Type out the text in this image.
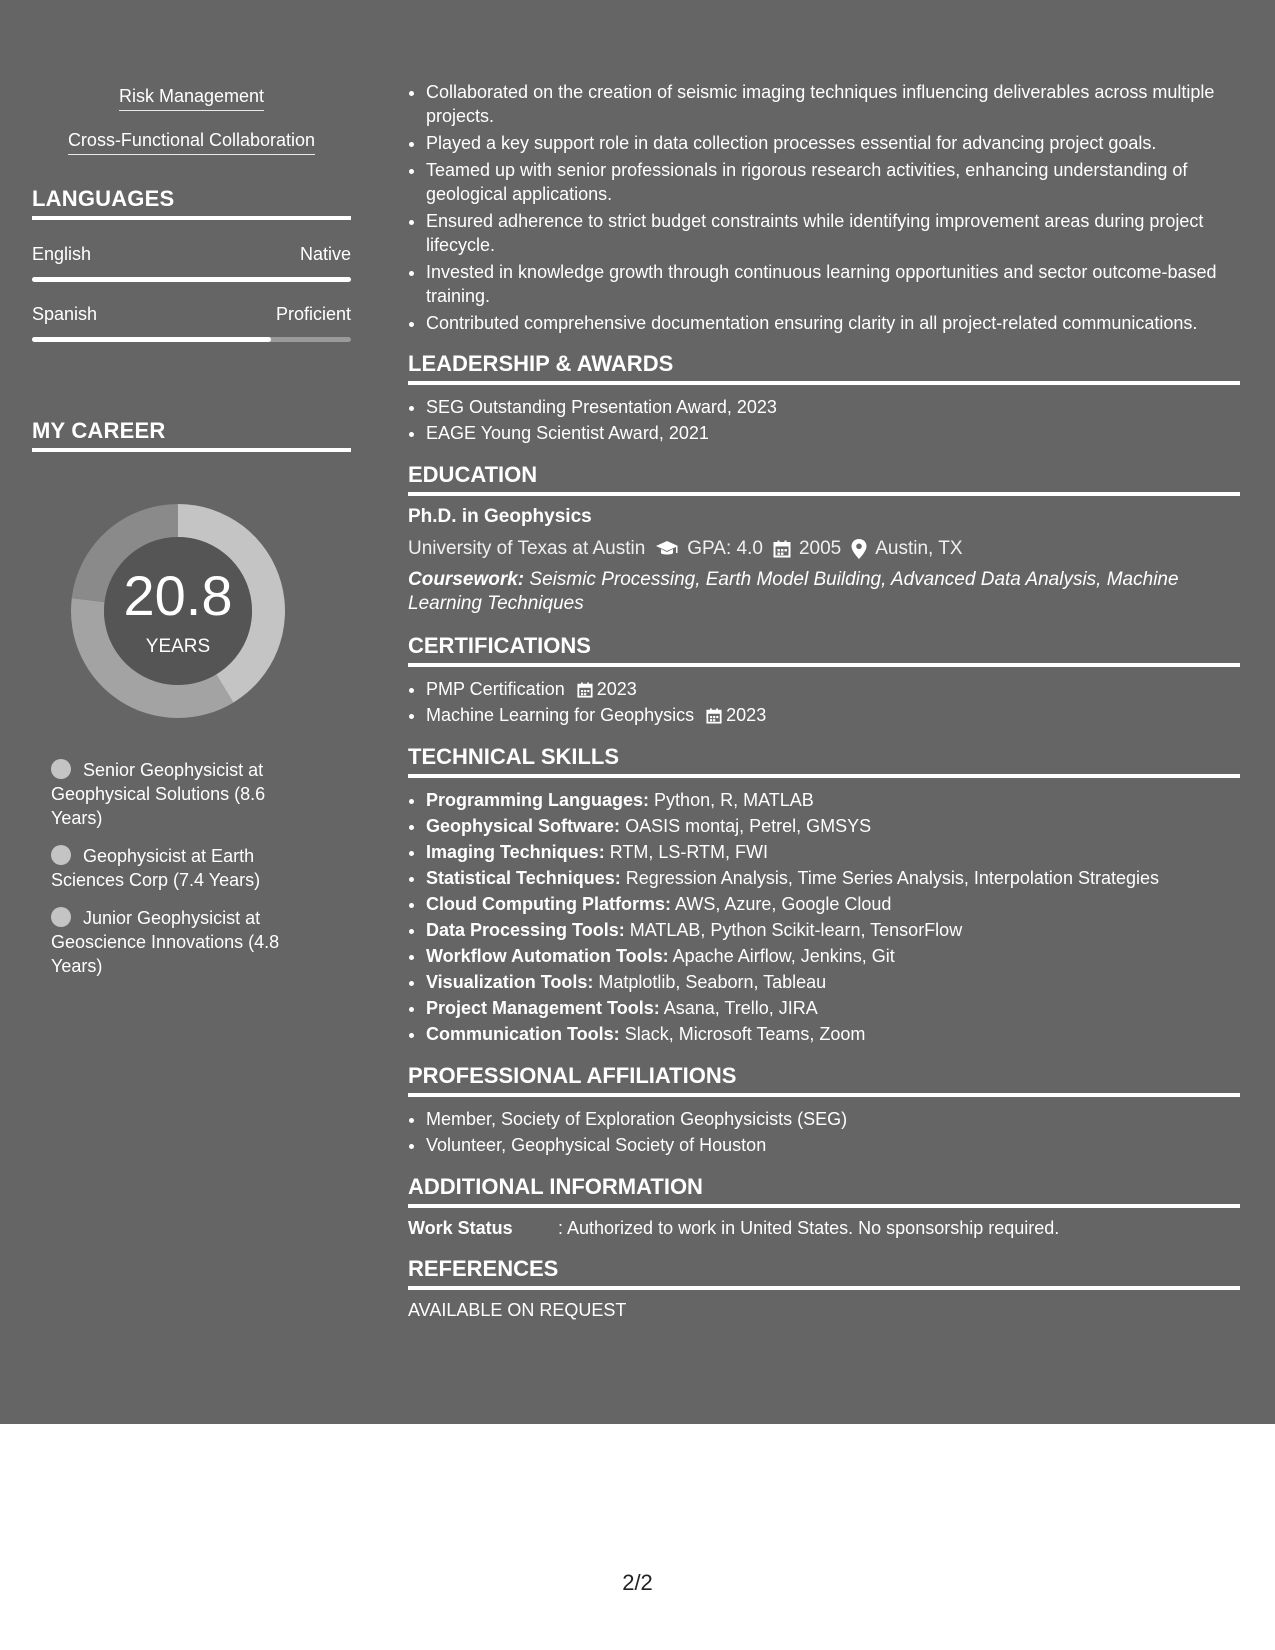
Risk Management
Cross-Functional Collaboration
LANGUAGES
English	Native
Spanish	Proficient
MY CAREER
20.8
YEARS
Senior Geophysicist at Geophysical Solutions (8.6 Years)
Geophysicist at Earth Sciences Corp (7.4 Years)
Junior Geophysicist at Geoscience Innovations (4.8 Years)
• Collaborated on the creation of seismic imaging techniques influencing deliverables across multiple projects.
• Played a key support role in data collection processes essential for advancing project goals.
• Teamed up with senior professionals in rigorous research activities, enhancing understanding of geological applications.
• Ensured adherence to strict budget constraints while identifying improvement areas during project lifecycle.
• Invested in knowledge growth through continuous learning opportunities and sector outcome-based training.
• Contributed comprehensive documentation ensuring clarity in all project-related communications.
LEADERSHIP & AWARDS
• SEG Outstanding Presentation Award, 2023
• EAGE Young Scientist Award, 2021
EDUCATION
Ph.D. in Geophysics
University of Texas at Austin GPA: 4.0 2005 Austin, TX
Coursework: Seismic Processing, Earth Model Building, Advanced Data Analysis, Machine Learning Techniques
CERTIFICATIONS
• PMP Certification 2023
• Machine Learning for Geophysics 2023
TECHNICAL SKILLS
• Programming Languages: Python, R, MATLAB
• Geophysical Software: OASIS montaj, Petrel, GMSYS
• Imaging Techniques: RTM, LS-RTM, FWI
• Statistical Techniques: Regression Analysis, Time Series Analysis, Interpolation Strategies
• Cloud Computing Platforms: AWS, Azure, Google Cloud
• Data Processing Tools: MATLAB, Python Scikit-learn, TensorFlow
• Workflow Automation Tools: Apache Airflow, Jenkins, Git
• Visualization Tools: Matplotlib, Seaborn, Tableau
• Project Management Tools: Asana, Trello, JIRA
• Communication Tools: Slack, Microsoft Teams, Zoom
PROFESSIONAL AFFILIATIONS
• Member, Society of Exploration Geophysicists (SEG)
• Volunteer, Geophysical Society of Houston
ADDITIONAL INFORMATION
Work Status	: Authorized to work in United States. No sponsorship required.
REFERENCES
AVAILABLE ON REQUEST
2/2
